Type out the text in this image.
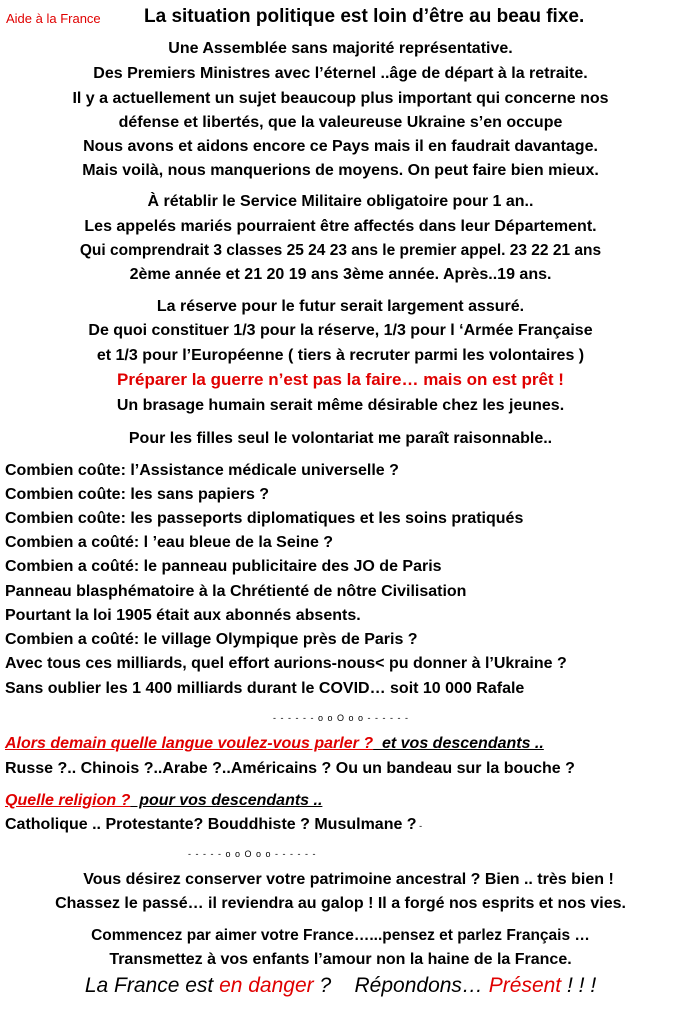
Aide à la France La situation politique est loin d’être au beau fixe.
Une Assemblée sans majorité représentative.
Des Premiers Ministres avec l’éternel ..âge de départ à la retraite.
Il y a actuellement un sujet beaucoup plus important qui concerne nos
défense et libertés, que la valeureuse Ukraine s’en occupe
Nous avons et aidons encore ce Pays mais il en faudrait davantage.
Mais voilà, nous manquerions de moyens. On peut faire bien mieux.
À rétablir le Service Militaire obligatoire pour 1 an..
Les appelés mariés pourraient être affectés dans leur Département.
Qui comprendrait 3 classes 25 24 23 ans le premier appel. 23 22 21 ans
2ème année et 21 20 19 ans 3ème année. Après..19 ans.
La réserve pour le futur serait largement assuré.
De quoi constituer 1/3 pour la réserve, 1/3 pour l ‘Armée Française
et 1/3 pour l’Européenne ( tiers à recruter parmi les volontaires )
Préparer la guerre n’est pas la faire… mais on est prêt !
Un brasage humain serait même désirable chez les jeunes.
Pour les filles seul le volontariat me paraît raisonnable..
Combien coûte: l’Assistance médicale universelle ?
Combien coûte: les sans papiers ?
Combien coûte: les passeports diplomatiques et les soins pratiqués
Combien a coûté: l ’eau bleue de la Seine ?
Combien a coûté: le panneau publicitaire des JO de Paris
Panneau blasphématoire à la Chrétienté de nôtre Civilisation
Pourtant la loi 1905 était aux abonnés absents.
Combien a coûté: le village Olympique près de Paris ?
Avec tous ces milliards, quel effort aurions-nous< pu donner à l’Ukraine ?
Sans oublier les 1 400 milliards durant le COVID… soit 10 000 Rafale
- - - - - - o o O o o - - - - - -
Alors demain quelle langue voulez-vous parler ?  et vos descendants ..
Russe ?.. Chinois ?..Arabe ?..Américains ? Ou un bandeau sur la bouche ?
Quelle religion ?  pour vos descendants ..
Catholique .. Protestante? Bouddhiste ? Musulmane ? -
- - - - - o o O o o - - - - - -
Vous désirez conserver votre patrimoine ancestral ? Bien .. très bien !
Chassez le passé… il reviendra au galop ! Il a forgé nos esprits et nos vies.
Commencez par aimer votre France…...pensez et parlez Français …
Transmettez à vos enfants l’amour non la haine de la France.
La France est en danger ?    Répondons… Présent ! ! !
